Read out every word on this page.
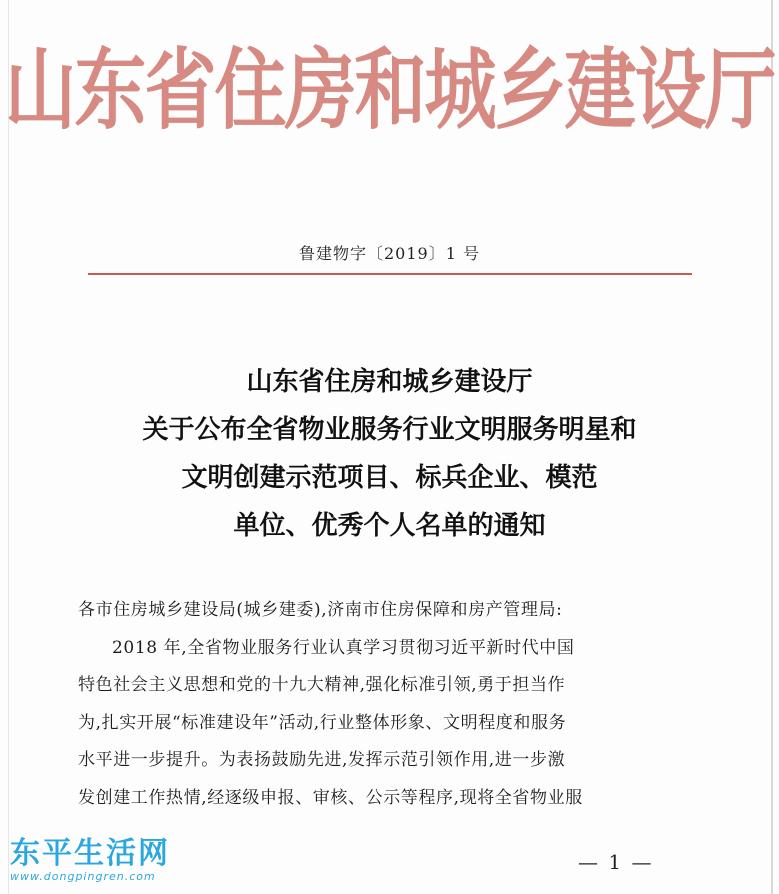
山东省住房和城乡建设厅
鲁建物字〔2019〕1 号
山东省住房和城乡建设厅
关于公布全省物业服务行业文明服务明星和
文明创建示范项目、标兵企业、模范
单位、优秀个人名单的通知
各市住房城乡建设局(城乡建委),济南市住房保障和房产管理局:
2018 年,全省物业服务行业认真学习贯彻习近平新时代中国
特色社会主义思想和党的十九大精神,强化标准引领,勇于担当作
为,扎实开展“标准建设年”活动,行业整体形象、文明程度和服务
水平进一步提升。为表扬鼓励先进,发挥示范引领作用,进一步激
发创建工作热情,经逐级申报、审核、公示等程序,现将全省物业服
— 1 —
东平生活网
www.dongpingren.com
